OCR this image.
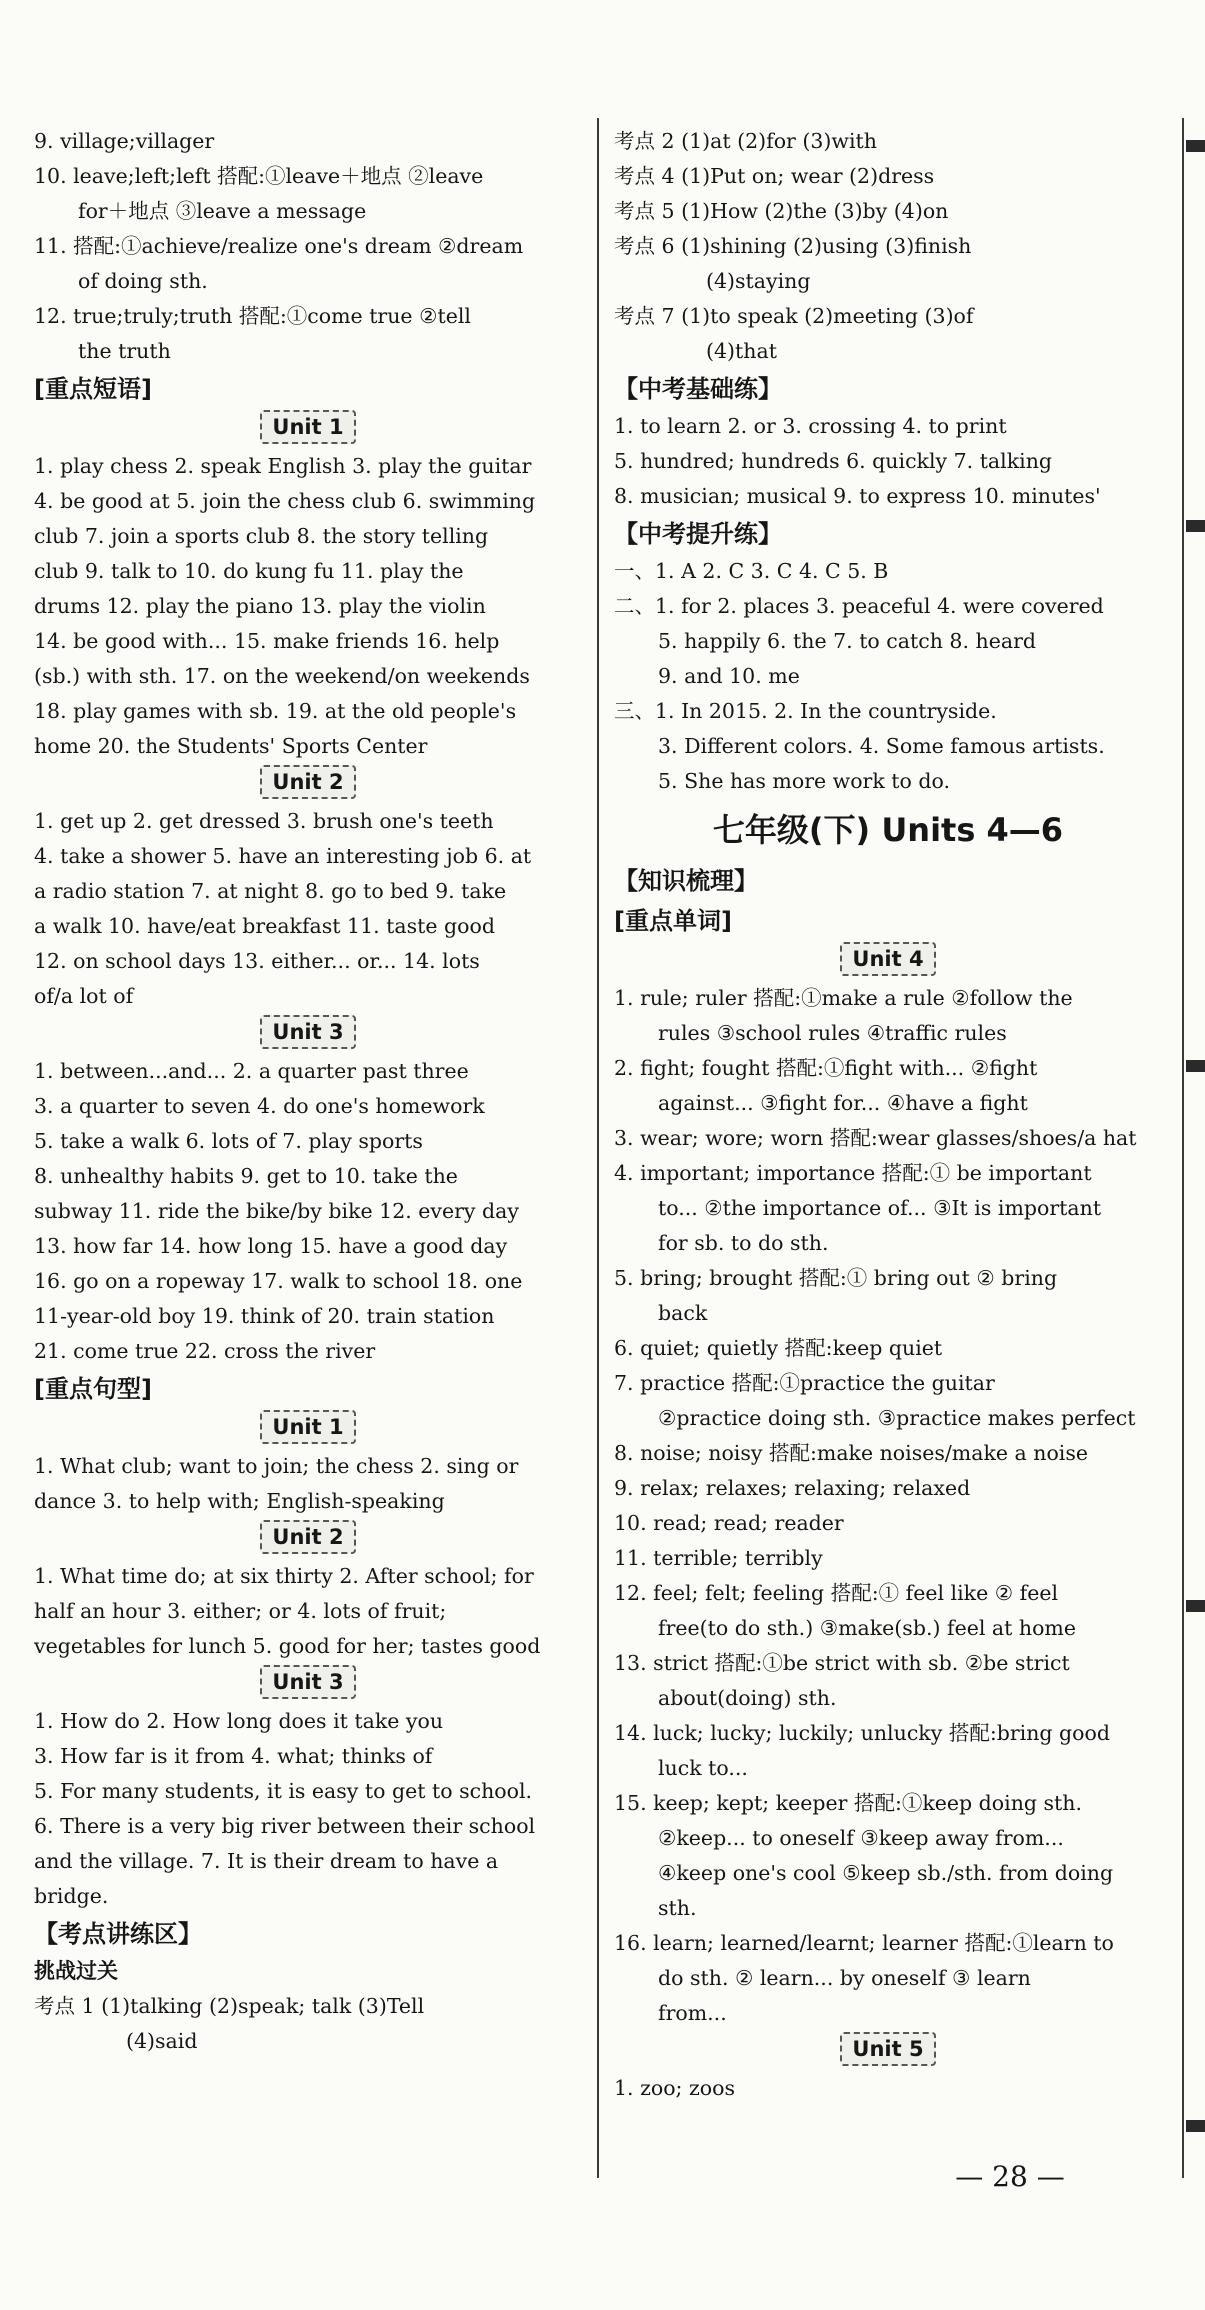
9. village;villager
10. leave;left;left 搭配:①leave＋地点 ②leave
for＋地点 ③leave a message
11. 搭配:①achieve/realize one's dream ②dream
of doing sth.
12. true;truly;truth 搭配:①come true ②tell
the truth
[重点短语]
Unit 1
1. play chess 2. speak English 3. play the guitar
4. be good at 5. join the chess club 6. swimming
club 7. join a sports club 8. the story telling
club 9. talk to 10. do kung fu 11. play the
drums 12. play the piano 13. play the violin
14. be good with... 15. make friends 16. help
(sb.) with sth. 17. on the weekend/on weekends
18. play games with sb. 19. at the old people's
home 20. the Students' Sports Center
Unit 2
1. get up 2. get dressed 3. brush one's teeth
4. take a shower 5. have an interesting job 6. at
a radio station 7. at night 8. go to bed 9. take
a walk 10. have/eat breakfast 11. taste good
12. on school days 13. either... or... 14. lots
of/a lot of
Unit 3
1. between...and... 2. a quarter past three
3. a quarter to seven 4. do one's homework
5. take a walk 6. lots of 7. play sports
8. unhealthy habits 9. get to 10. take the
subway 11. ride the bike/by bike 12. every day
13. how far 14. how long 15. have a good day
16. go on a ropeway 17. walk to school 18. one
11-year-old boy 19. think of 20. train station
21. come true 22. cross the river
[重点句型]
Unit 1
1. What club; want to join; the chess 2. sing or
dance 3. to help with; English-speaking
Unit 2
1. What time do; at six thirty 2. After school; for
half an hour 3. either; or 4. lots of fruit;
vegetables for lunch 5. good for her; tastes good
Unit 3
1. How do 2. How long does it take you
3. How far is it from 4. what; thinks of
5. For many students, it is easy to get to school.
6. There is a very big river between their school
and the village. 7. It is their dream to have a
bridge.
【考点讲练区】
挑战过关
考点 1 (1)talking (2)speak; talk (3)Tell
(4)said
考点 2 (1)at (2)for (3)with
考点 4 (1)Put on; wear (2)dress
考点 5 (1)How (2)the (3)by (4)on
考点 6 (1)shining (2)using (3)finish
(4)staying
考点 7 (1)to speak (2)meeting (3)of
(4)that
【中考基础练】
1. to learn 2. or 3. crossing 4. to print
5. hundred; hundreds 6. quickly 7. talking
8. musician; musical 9. to express 10. minutes'
【中考提升练】
一、1. A 2. C 3. C 4. C 5. B
二、1. for 2. places 3. peaceful 4. were covered
5. happily 6. the 7. to catch 8. heard
9. and 10. me
三、1. In 2015. 2. In the countryside.
3. Different colors. 4. Some famous artists.
5. She has more work to do.
七年级(下) Units 4—6
【知识梳理】
[重点单词]
Unit 4
1. rule; ruler 搭配:①make a rule ②follow the
rules ③school rules ④traffic rules
2. fight; fought 搭配:①fight with... ②fight
against... ③fight for... ④have a fight
3. wear; wore; worn 搭配:wear glasses/shoes/a hat
4. important; importance 搭配:① be important
to... ②the importance of... ③It is important
for sb. to do sth.
5. bring; brought 搭配:① bring out ② bring
back
6. quiet; quietly 搭配:keep quiet
7. practice 搭配:①practice the guitar
②practice doing sth. ③practice makes perfect
8. noise; noisy 搭配:make noises/make a noise
9. relax; relaxes; relaxing; relaxed
10. read; read; reader
11. terrible; terribly
12. feel; felt; feeling 搭配:① feel like ② feel
free(to do sth.) ③make(sb.) feel at home
13. strict 搭配:①be strict with sb. ②be strict
about(doing) sth.
14. luck; lucky; luckily; unlucky 搭配:bring good
luck to...
15. keep; kept; keeper 搭配:①keep doing sth.
②keep... to oneself ③keep away from...
④keep one's cool ⑤keep sb./sth. from doing
sth.
16. learn; learned/learnt; learner 搭配:①learn to
do sth. ② learn... by oneself ③ learn
from...
Unit 5
1. zoo; zoos
— 28 —
